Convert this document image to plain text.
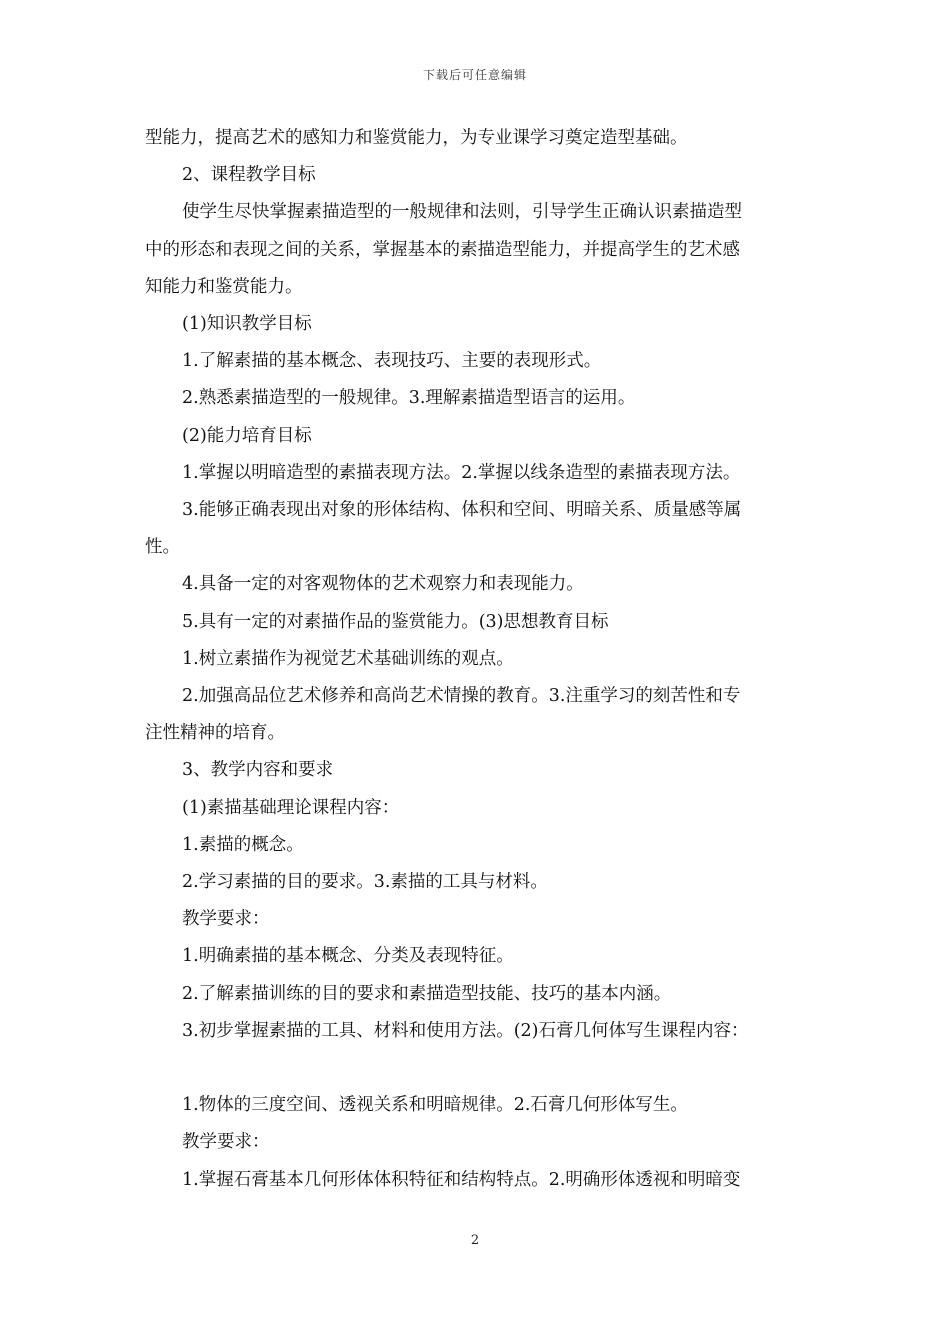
下载后可任意编辑
型能力，提高艺术的感知力和鉴赏能力，为专业课学习奠定造型基础。
2、课程教学目标
使学生尽快掌握素描造型的一般规律和法则，引导学生正确认识素描造型
中的形态和表现之间的关系，掌握基本的素描造型能力，并提高学生的艺术感
知能力和鉴赏能力。
(1)知识教学目标
1.了解素描的基本概念、表现技巧、主要的表现形式。
2.熟悉素描造型的一般规律。3.理解素描造型语言的运用。
(2)能力培育目标
1.掌握以明暗造型的素描表现方法。2.掌握以线条造型的素描表现方法。
3.能够正确表现出对象的形体结构、体积和空间、明暗关系、质量感等属
性。
4.具备一定的对客观物体的艺术观察力和表现能力。
5.具有一定的对素描作品的鉴赏能力。(3)思想教育目标
1.树立素描作为视觉艺术基础训练的观点。
2.加强高品位艺术修养和高尚艺术情操的教育。3.注重学习的刻苦性和专
注性精神的培育。
3、教学内容和要求
(1)素描基础理论课程内容：
1.素描的概念。
2.学习素描的目的要求。3.素描的工具与材料。
教学要求：
1.明确素描的基本概念、分类及表现特征。
2.了解素描训练的目的要求和素描造型技能、技巧的基本内涵。
3.初步掌握素描的工具、材料和使用方法。(2)石膏几何体写生课程内容：
1.物体的三度空间、透视关系和明暗规律。2.石膏几何形体写生。
教学要求：
1.掌握石膏基本几何形体体积特征和结构特点。2.明确形体透视和明暗变
2
